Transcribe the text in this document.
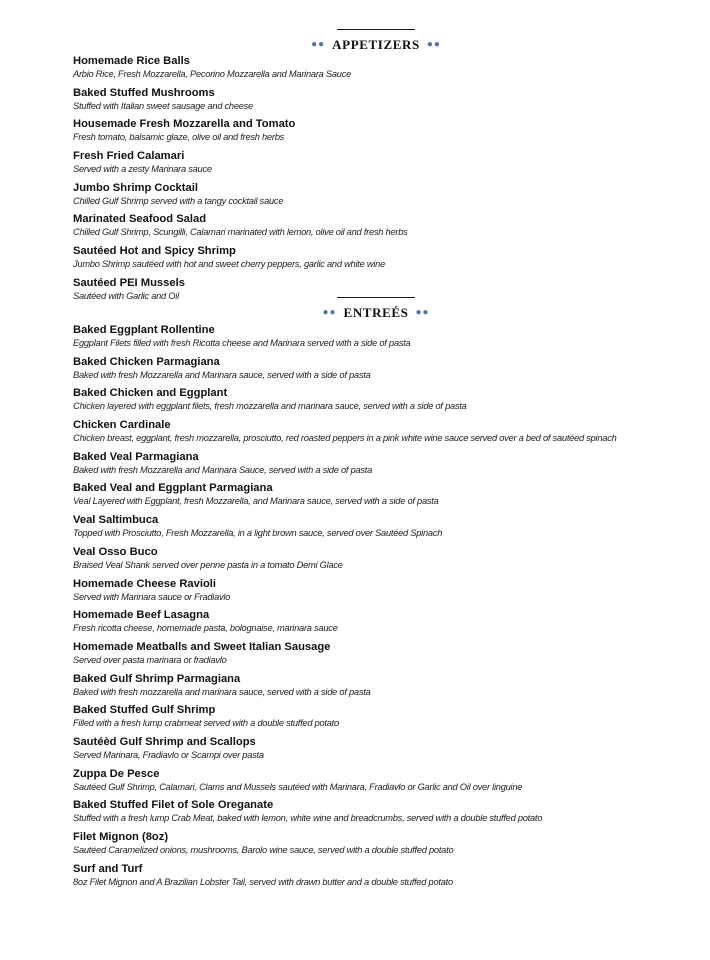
●● APPETIZERS ●●
Homemade Rice Balls
Arbio Rice, Fresh Mozzarella, Pecorino Mozzarella and Marinara Sauce
Baked Stuffed Mushrooms
Stuffed with Italian sweet sausage and cheese
Housemade Fresh Mozzarella and Tomato
Fresh tomato, balsamic glaze, olive oil and fresh herbs
Fresh Fried Calamari
Served with a zesty Marinara sauce
Jumbo Shrimp Cocktail
Chilled Gulf Shrimp served with a tangy cocktail sauce
Marinated Seafood Salad
Chilled Gulf Shrimp, Scungilli, Calamari marinated with lemon, olive oil and fresh herbs
Sautéed Hot and Spicy Shrimp
Jumbo Shrimp sautéed with hot and sweet cherry peppers, garlic and white wine
Sautéed PEI Mussels
Sautéed with Garlic and Oil
●● ENTREÉS ●●
Baked Eggplant Rollentine
Eggplant Filets filled with fresh Ricotta cheese and Marinara served with a side of pasta
Baked Chicken Parmagiana
Baked with fresh Mozzarella and Marinara sauce, served with a side of pasta
Baked Chicken and Eggplant
Chicken layered with eggplant filets, fresh mozzarella and marinara sauce, served with a side of pasta
Chicken Cardinale
Chicken breast, eggplant, fresh mozzarella, prosciutto, red roasted peppers in a pink white wine sauce served over a bed of sautéed spinach
Baked Veal Parmagiana
Baked with fresh Mozzarella and Marinara Sauce, served with a side of pasta
Baked Veal and Eggplant Parmagiana
Veal Layered with Eggplant, fresh Mozzarella, and Marinara sauce, served with a side of pasta
Veal Saltimbuca
Topped with Prosciutto, Fresh Mozzarella, in a light brown sauce, served over Sautéed Spinach
Veal Osso Buco
Braised Veal Shank served over penne pasta in a tomato Demi Glace
Homemade Cheese Ravioli
Served with Marinara sauce or Fradiavlo
Homemade Beef Lasagna
Fresh ricotta cheese, homemade pasta, bolognaise, marinara sauce
Homemade Meatballs and Sweet Italian Sausage
Served over pasta marinara or fradiavlo
Baked Gulf Shrimp Parmagiana
Baked with fresh mozzarella and marinara sauce, served with a side of pasta
Baked Stuffed Gulf Shrimp
Filled with a fresh lump crabmeat served with a double stuffed potato
Sautéèd Gulf Shrimp and Scallops
Served Marinara, Fradiavlo or Scampi over pasta
Zuppa De Pesce
Sautéed Gulf Shrimp, Calamari, Clams and Mussels sautéed with Marinara, Fradiavlo or Garlic and Oil over linguine
Baked Stuffed Filet of Sole Oreganate
Stuffed with a fresh lump Crab Meat, baked with lemon, white wine and breadcrumbs, served with a double stuffed potato
Filet Mignon (8oz)
Sautéed Caramelized onions, mushrooms, Barolo wine sauce, served with a double stuffed potato
Surf and Turf
8oz Filet Mignon and A Brazilian Lobster Tail, served with drawn butter and a double stuffed potato
